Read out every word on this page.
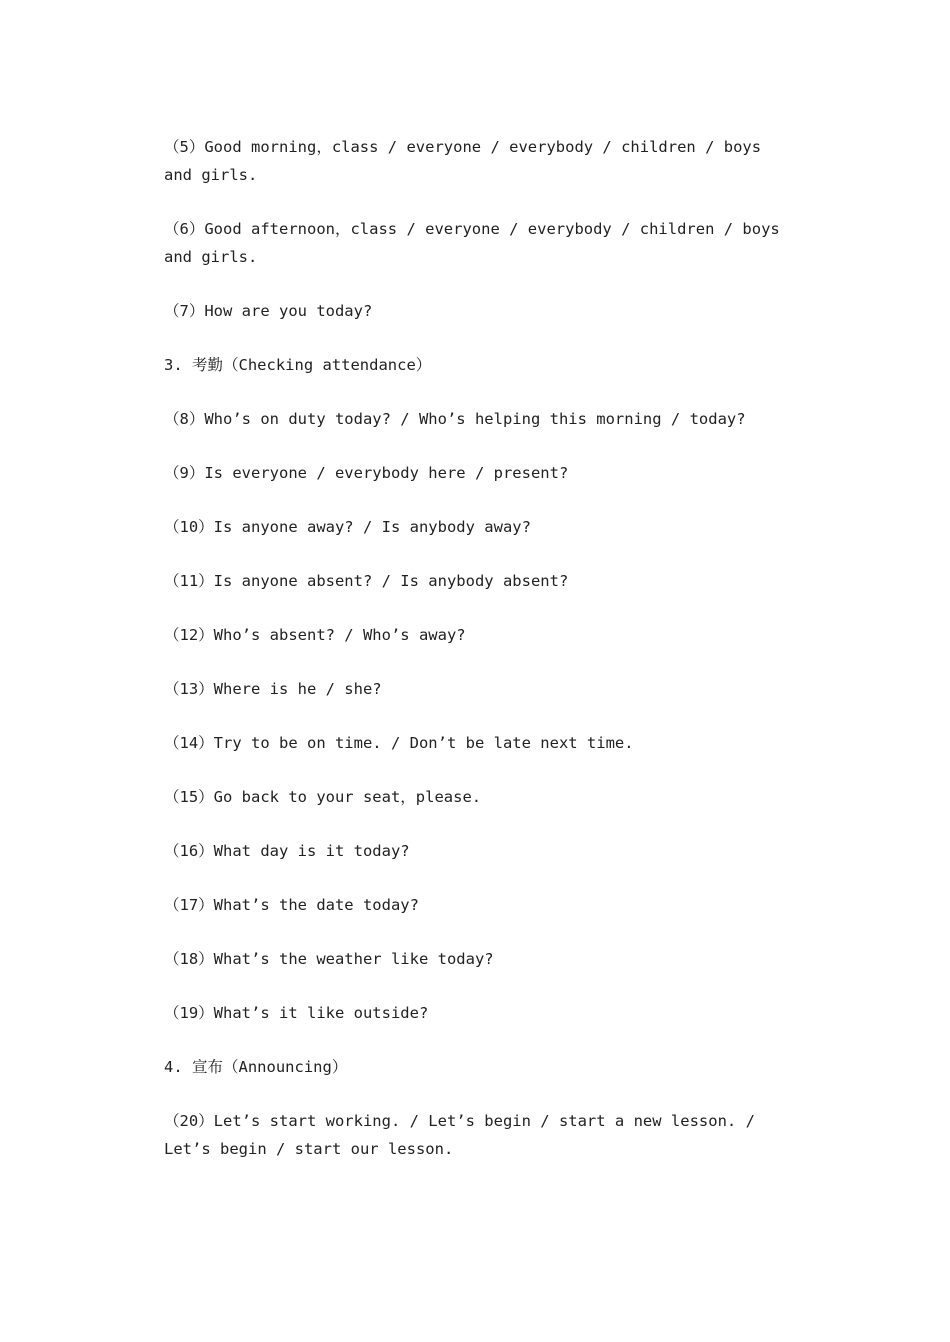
（5）Good morning，class / everyone / everybody / children / boys and girls.

（6）Good afternoon，class / everyone / everybody / children / boys and girls.

（7）How are you today?

3. 考勤（Checking attendance）

（8）Who’s on duty today? / Who’s helping this morning / today?

（9）Is everyone / everybody here / present?

（10）Is anyone away? / Is anybody away?

（11）Is anyone absent? / Is anybody absent?

（12）Who’s absent? / Who’s away?

（13）Where is he / she?

（14）Try to be on time. / Don’t be late next time.

（15）Go back to your seat，please.

（16）What day is it today?

（17）What’s the date today?

（18）What’s the weather like today?

（19）What’s it like outside?

4. 宣布（Announcing）

（20）Let’s start working. / Let’s begin / start a new lesson. / Let’s begin / start our lesson.
